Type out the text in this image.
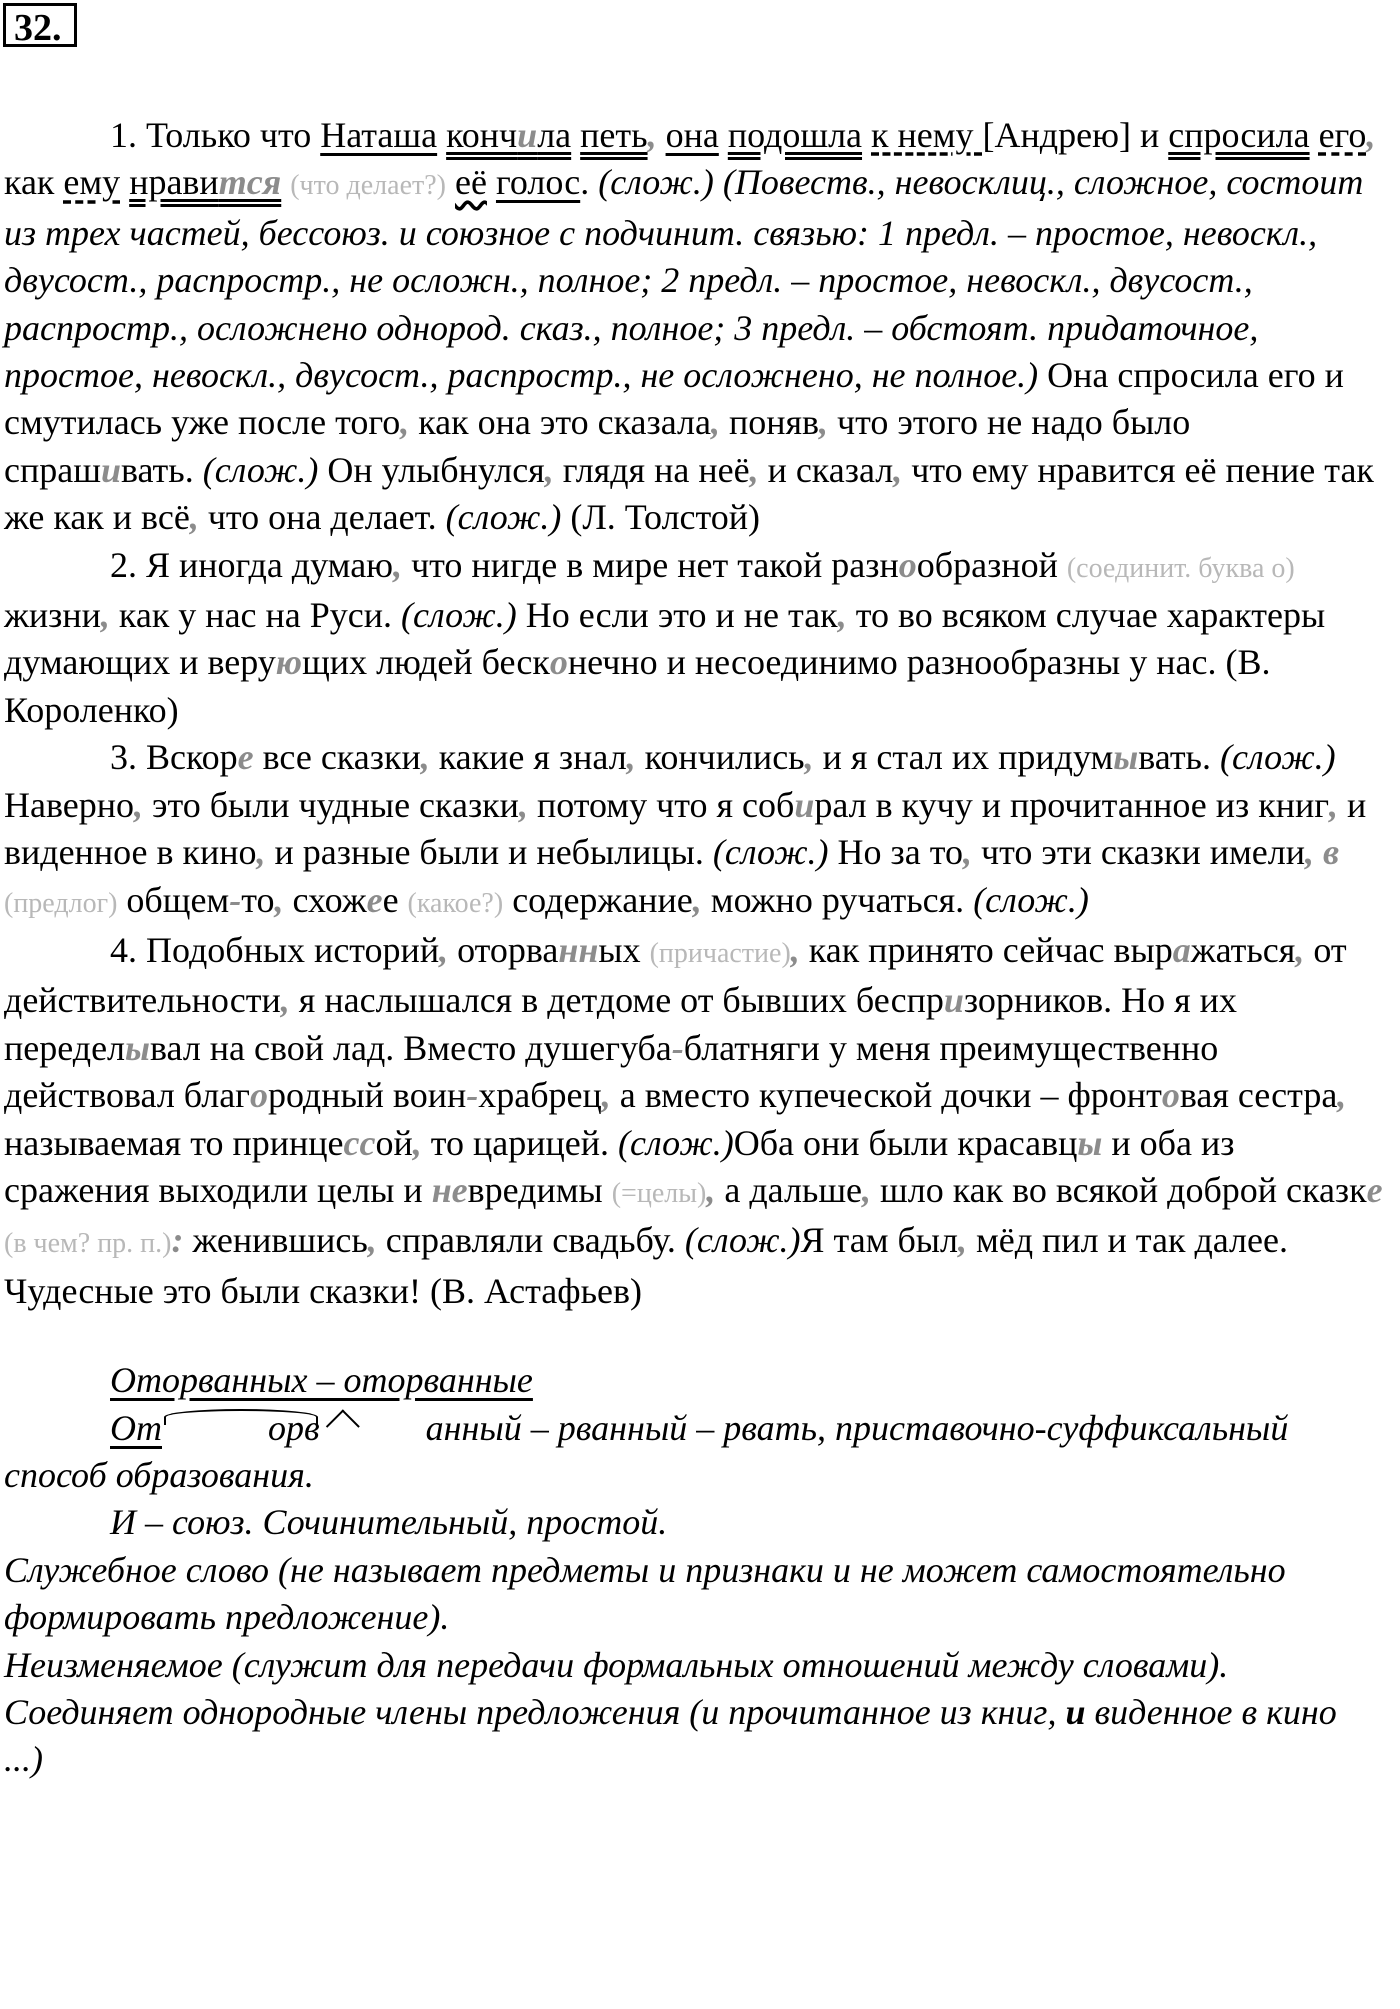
32.

1. Только что Наташа кончила петь, она подошла к нему [Андрею] и спросила его, как ему нравится (что делает?) её голос. (слож.) (Повеств., невосклиц., сложное, состоит из трех частей, бессоюз. и союзное с подчинит. связью: 1 предл. – простое, невоскл., двусост., распростр., не осложн., полное; 2 предл. – простое, невоскл., двусост., распростр., осложнено однород. сказ., полное; 3 предл. – обстоят. придаточное, простое, невоскл., двусост., распростр., не осложнено, не полное.) Она спросила его и смутилась уже после того, как она это сказала, поняв, что этого не надо было спрашивать. (слож.) Он улыбнулся, глядя на неё, и сказал, что ему нравится её пение так же как и всё, что она делает. (слож.) (Л. Толстой)

2. Я иногда думаю, что нигде в мире нет такой разнообразной (соединит. буква о) жизни, как у нас на Руси. (слож.) Но если это и не так, то во всяком случае характеры думающих и верующих людей бесконечно и несоединимо разнообразны у нас. (В. Короленко)

3. Вскоре все сказки, какие я знал, кончились, и я стал их придумывать. (слож.) Наверно, это были чудные сказки, потому что я собирал в кучу и прочитанное из книг, и виденное в кино, и разные были и небылицы. (слож.) Но за то, что эти сказки имели, в (предлог) общем-то, схожее (какое?) содержание, можно ручаться. (слож.)

4. Подобных историй, оторванных (причастие), как принято сейчас выражаться, от действительности, я наслышался в детдоме от бывших беспризорников. Но я их переделывал на свой лад. Вместо душегуба-блатняги у меня преимущественно действовал благородный воин-храбрец, а вместо купеческой дочки – фронтовая сестра, называемая то принцессой, то царицей. (слож.)Оба они были красавцы и оба из сражения выходили целы и невредимы (=целы), а дальше, шло как во всякой доброй сказке (в чем? пр. п.): женившись, справляли свадьбу. (слож.)Я там был, мёд пил и так далее. Чудесные это были сказки! (В. Астафьев)

Оторванных – оторванные

От	орв	анный – рванный – рвать, приставочно-суффиксальный способ образования.

И – союз. Сочинительный, простой.

Служебное слово (не называет предметы и признаки и не может самостоятельно формировать предложение).

Неизменяемое (служит для передачи формальных отношений между словами). Соединяет однородные члены предложения (и прочитанное из книг, и виденное в кино ...)
